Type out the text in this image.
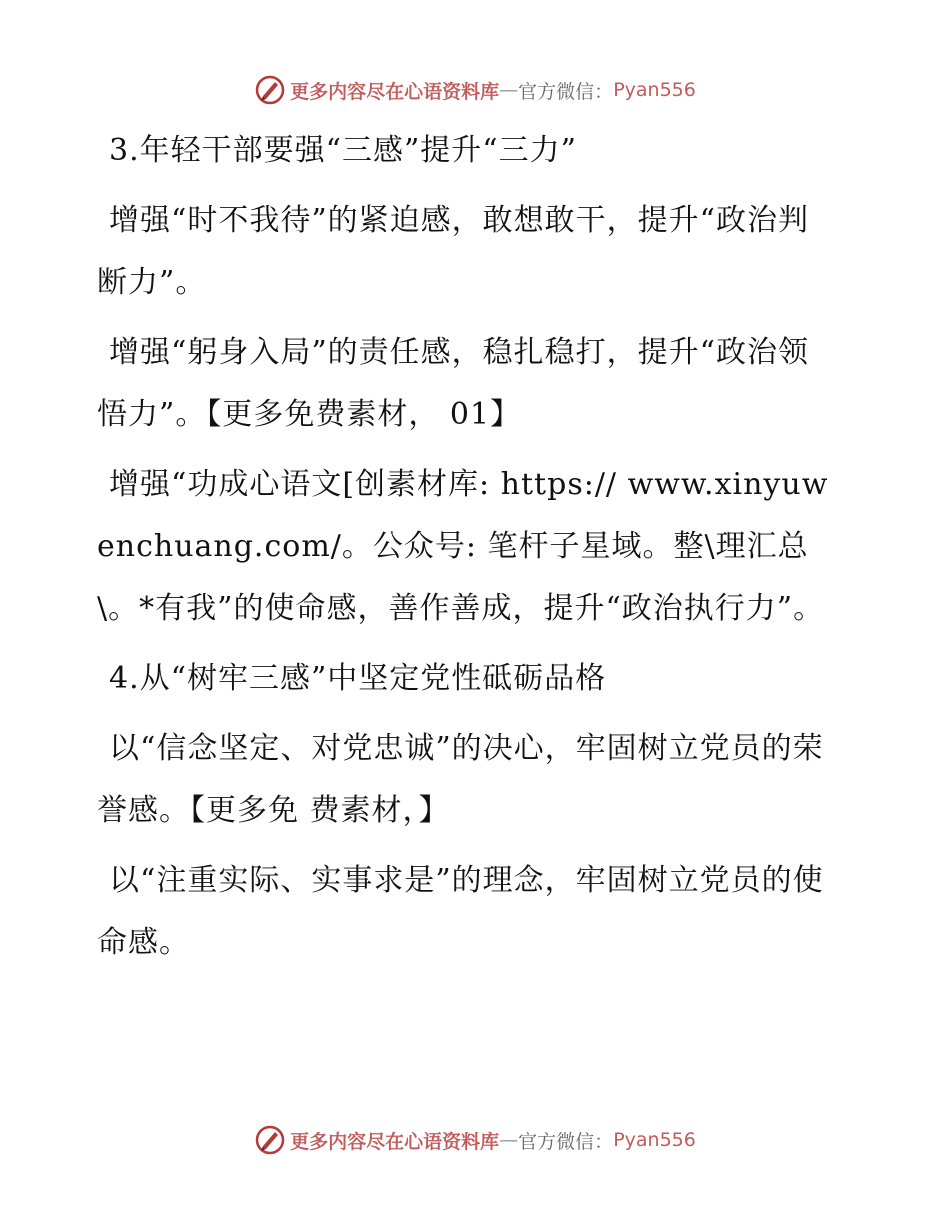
更多内容尽在心语资料库 — 官方微信： Pyan556

3.年轻干部要强“三感”提升“三力”

增强“时不我待”的紧迫感，敢想敢干，提升“政治判断力”。

增强“躬身入局”的责任感，稳扎稳打，提升“政治领悟力”。【更多免费素材， 01】

增强“功成心语文[创素材库: https:// www.xinyuwenchuang.com/。公众号: 笔杆子星域。整\理汇总\。*有我”的使命感，善作善成，提升“政治执行力”。

4.从“树牢三感”中坚定党性砥砺品格

以“信念坚定、对党忠诚”的决心，牢固树立党员的荣誉感。【更多免 费素材，】

以“注重实际、实事求是”的理念，牢固树立党员的使命感。

更多内容尽在心语资料库 — 官方微信： Pyan556
